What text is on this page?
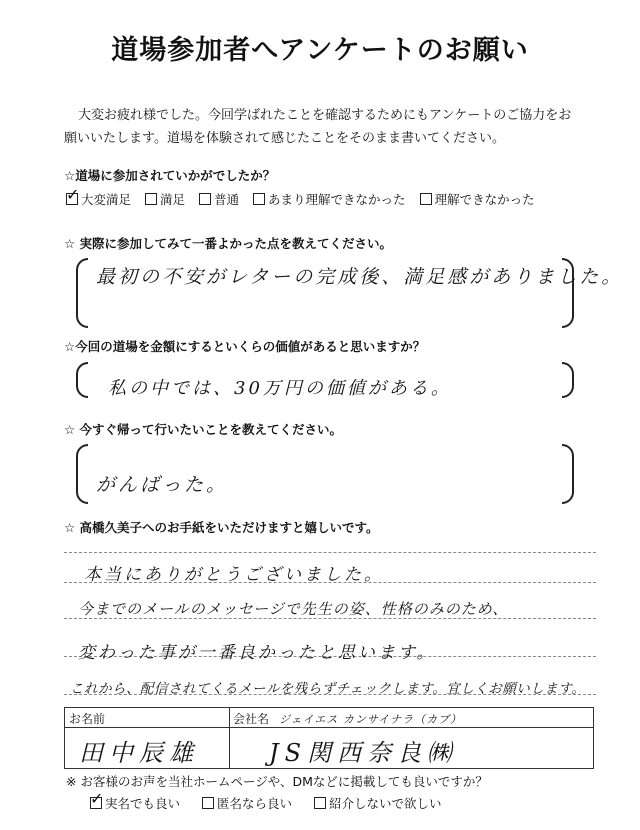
道場参加者へアンケートのお願い
大変お疲れ様でした。今回学ばれたことを確認するためにもアンケートのご協力をお願いいたします。道場を体験されて感じたことをそのまま書いてください。
☆道場に参加されていかがでしたか？
✓
大変満足 満足 普通 あまり理解できなかった 理解できなかった
☆ 実際に参加してみて一番よかった点を教えてください。
最初の不安がレターの完成後、満足感がありました。
☆今回の道場を金額にするといくらの価値があると思いますか？
私の中では、30万円の価値がある。
☆ 今すぐ帰って行いたいことを教えてください。
がんばった。
☆ 高橋久美子へのお手紙をいただけますと嬉しいです。
本当にありがとうございました。
今までのメールのメッセージで先生の姿、性格のみのため、
変わった事が一番良かったと思います。
これから、配信されてくるメールを残らずチェックします。宜しくお願いします。
お名前
田中辰雄
会社名 ジェイエス カンサイナラ（カブ）
JS関西奈良㈱
※ お客様のお声を当社ホームページや、DMなどに掲載しても良いですか？
✓
実名でも良い	匿名なら良い	紹介しないで欲しい
